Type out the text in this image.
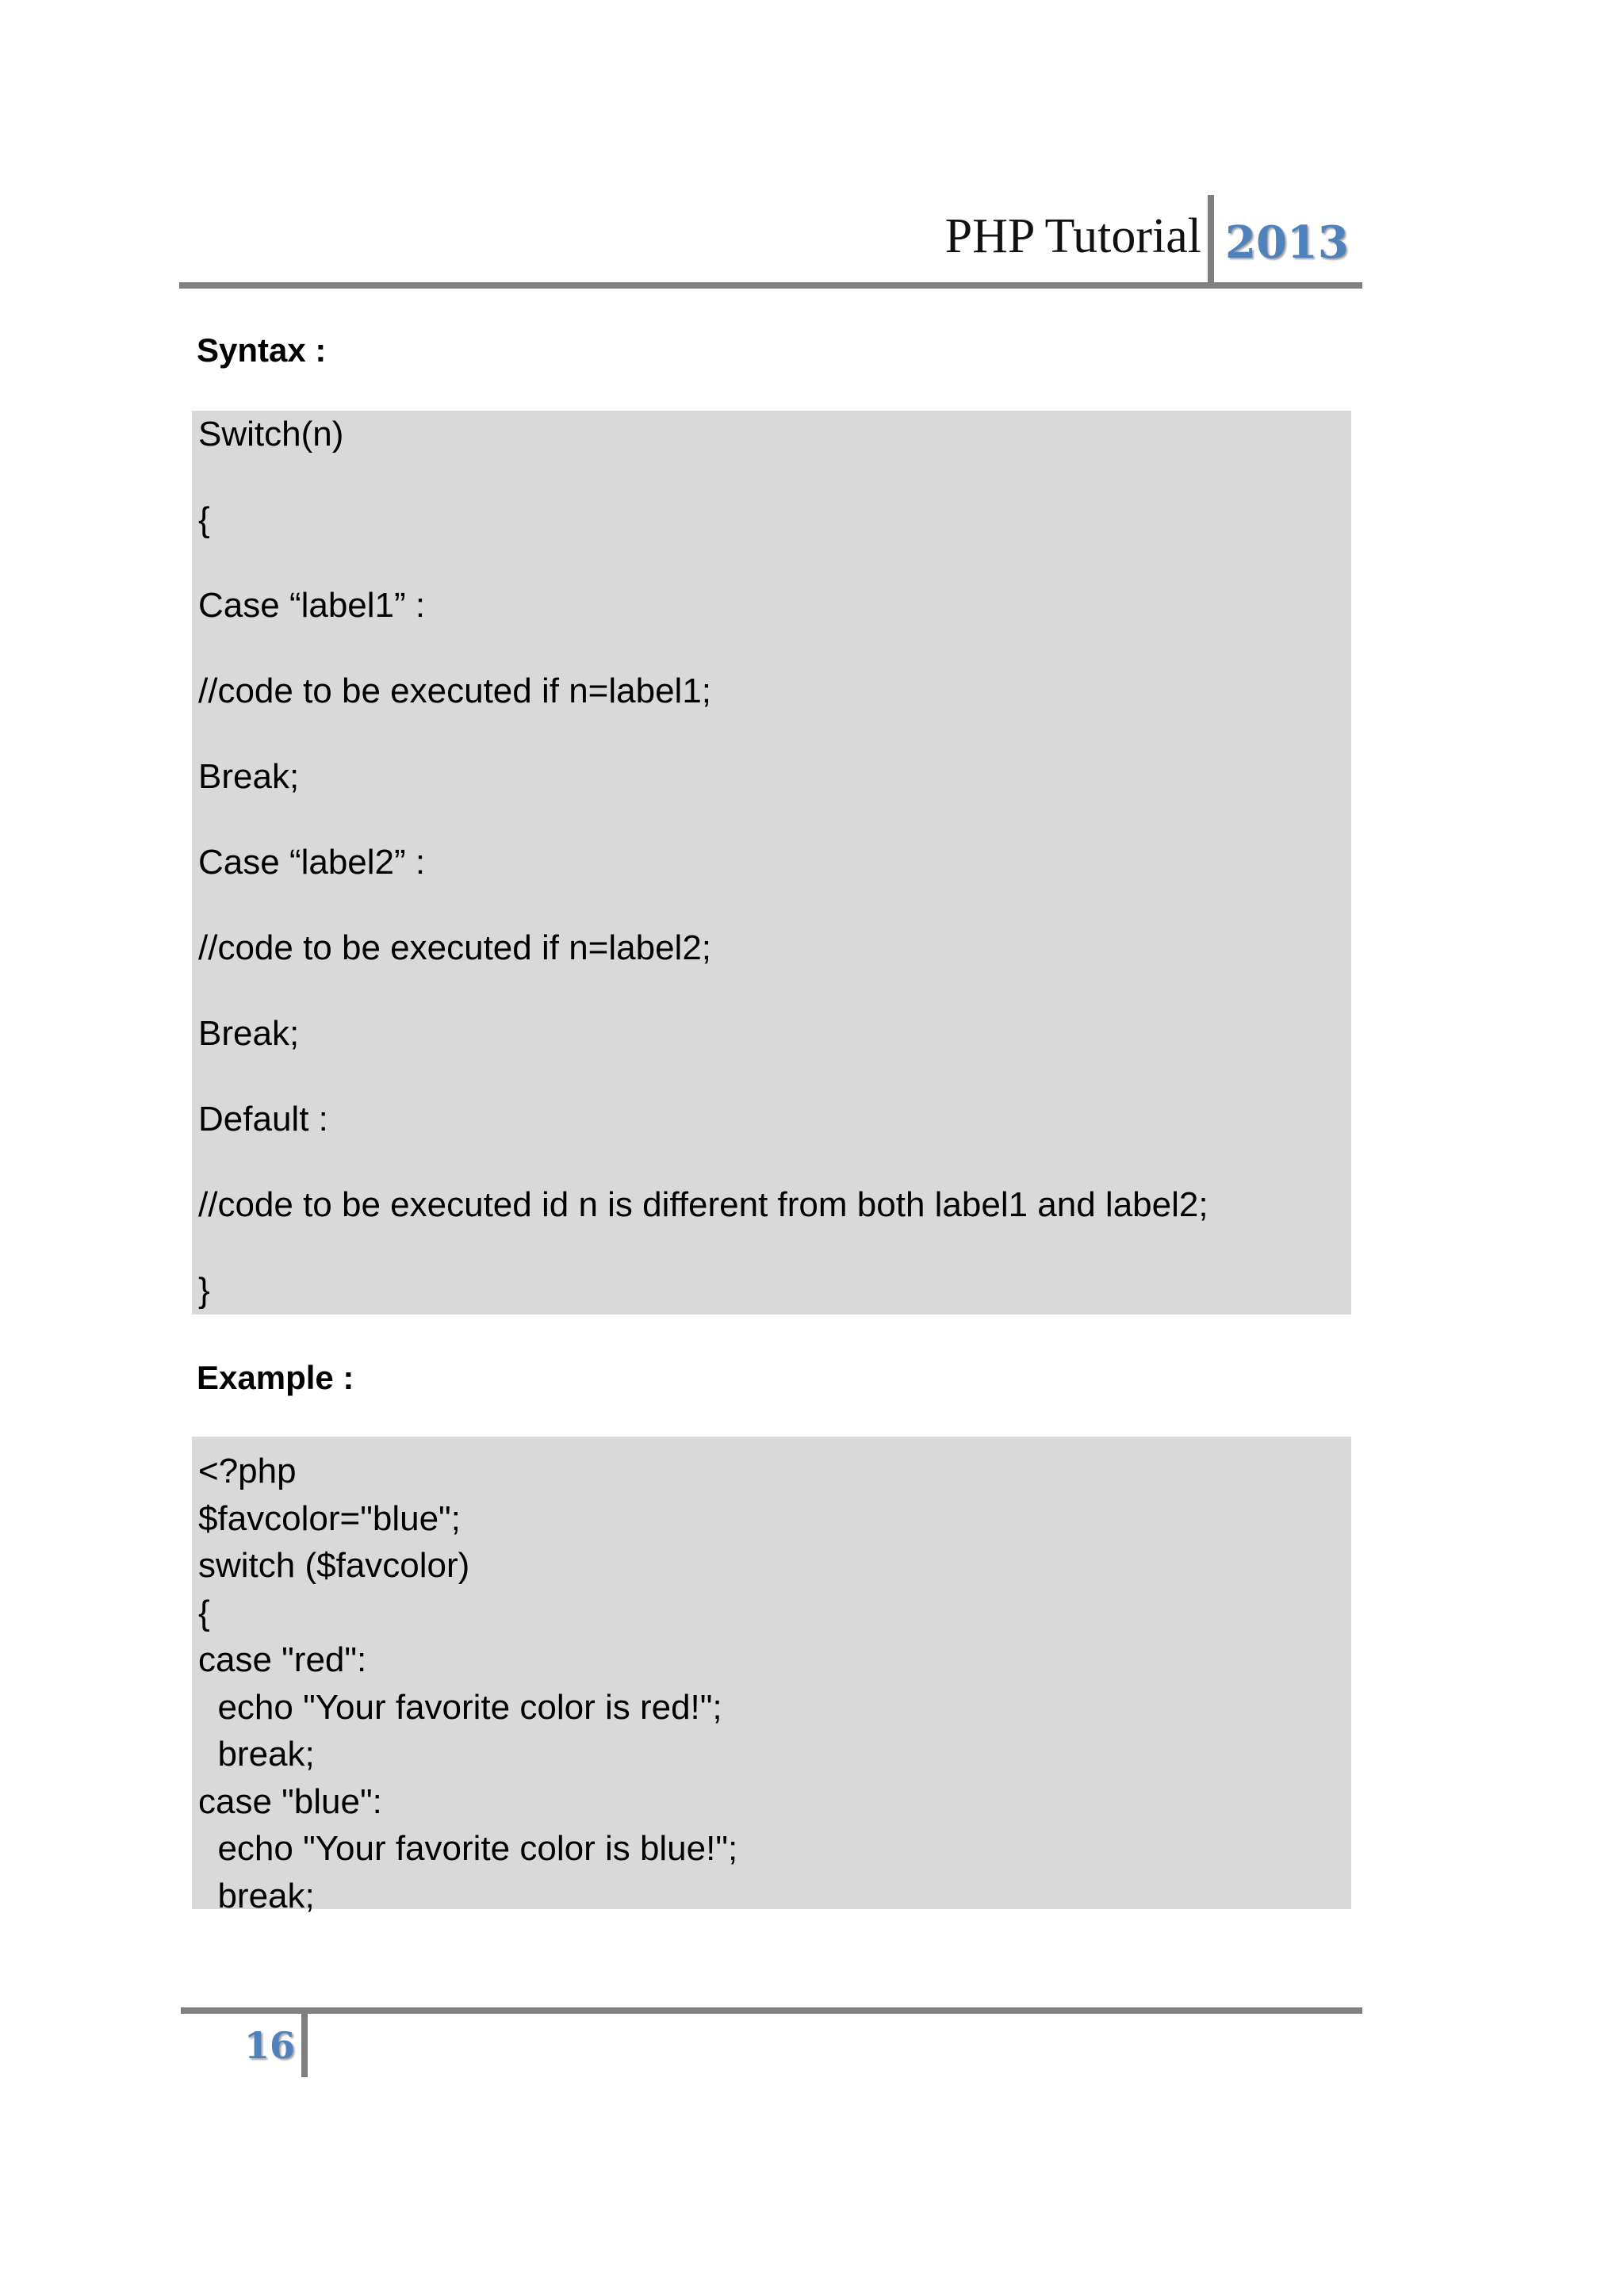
PHP Tutorial 2013
Syntax :
Switch(n)
{
Case “label1” :
//code to be executed if n=label1;
Break;
Case “label2” :
//code to be executed if n=label2;
Break;
Default :
//code to be executed id n is different from both label1 and label2;
}
Example :
<?php
$favcolor="blue";
switch ($favcolor)
{
case "red":
echo "Your favorite color is red!";
break;
case "blue":
echo "Your favorite color is blue!";
break;
16
